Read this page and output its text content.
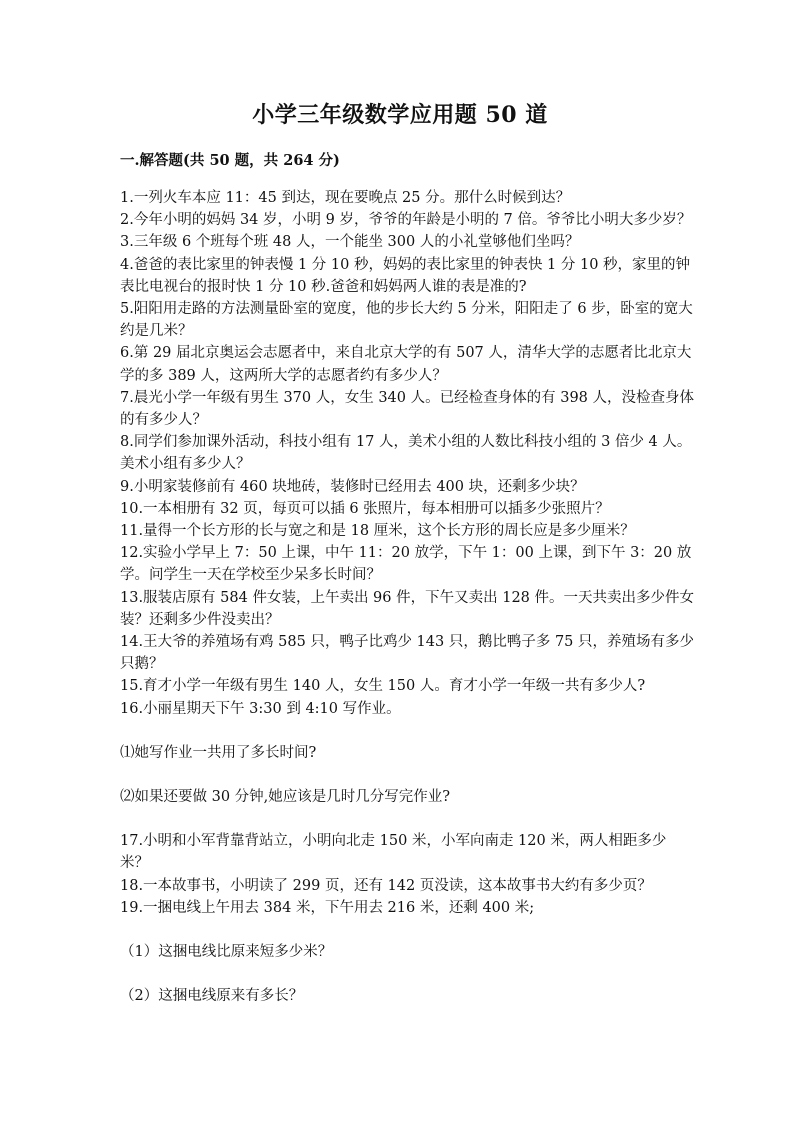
小学三年级数学应用题 50 道
一.解答题(共 50 题，共 264 分)

1.一列火车本应 11：45 到达，现在要晚点 25 分。那什么时候到达？

2.今年小明的妈妈 34 岁，小明 9 岁，爷爷的年龄是小明的 7 倍。爷爷比小明大多少岁？

3.三年级 6 个班每个班 48 人，一个能坐 300 人的小礼堂够他们坐吗？

4.爸爸的表比家里的钟表慢 1 分 10 秒，妈妈的表比家里的钟表快 1 分 10 秒，家里的钟表比电视台的报时快 1 分 10 秒.爸爸和妈妈两人谁的表是准的?

5.阳阳用走路的方法测量卧室的宽度，他的步长大约 5 分米，阳阳走了 6 步，卧室的宽大约是几米？

6.第 29 届北京奥运会志愿者中，来自北京大学的有 507 人，清华大学的志愿者比北京大学的多 389 人，这两所大学的志愿者约有多少人？

7.晨光小学一年级有男生 370 人，女生 340 人。已经检查身体的有 398 人，没检查身体的有多少人？

8.同学们参加课外活动，科技小组有 17 人，美术小组的人数比科技小组的 3 倍少 4 人。美术小组有多少人？

9.小明家装修前有 460 块地砖，装修时已经用去 400 块，还剩多少块？

10.一本相册有 32 页，每页可以插 6 张照片，每本相册可以插多少张照片？

11.量得一个长方形的长与宽之和是 18 厘米，这个长方形的周长应是多少厘米？

12.实验小学早上 7：50 上课，中午 11：20 放学，下午 1：00 上课，到下午 3：20 放学。问学生一天在学校至少呆多长时间？

13.服装店原有 584 件女装，上午卖出 96 件，下午又卖出 128 件。一天共卖出多少件女装？还剩多少件没卖出？

14.王大爷的养殖场有鸡 585 只，鸭子比鸡少 143 只，鹅比鸭子多 75 只，养殖场有多少只鹅？

15.育才小学一年级有男生 140 人，女生 150 人。育才小学一年级一共有多少人?

16.小丽星期天下午 3:30 到 4:10 写作业。

⑴她写作业一共用了多长时间?

⑵如果还要做 30 分钟,她应该是几时几分写完作业?

17.小明和小军背靠背站立，小明向北走 150 米，小军向南走 120 米，两人相距多少米？

18.一本故事书，小明读了 299 页，还有 142 页没读，这本故事书大约有多少页？

19.一捆电线上午用去 384 米，下午用去 216 米，还剩 400 米;

（1）这捆电线比原来短多少米？

（2）这捆电线原来有多长？
